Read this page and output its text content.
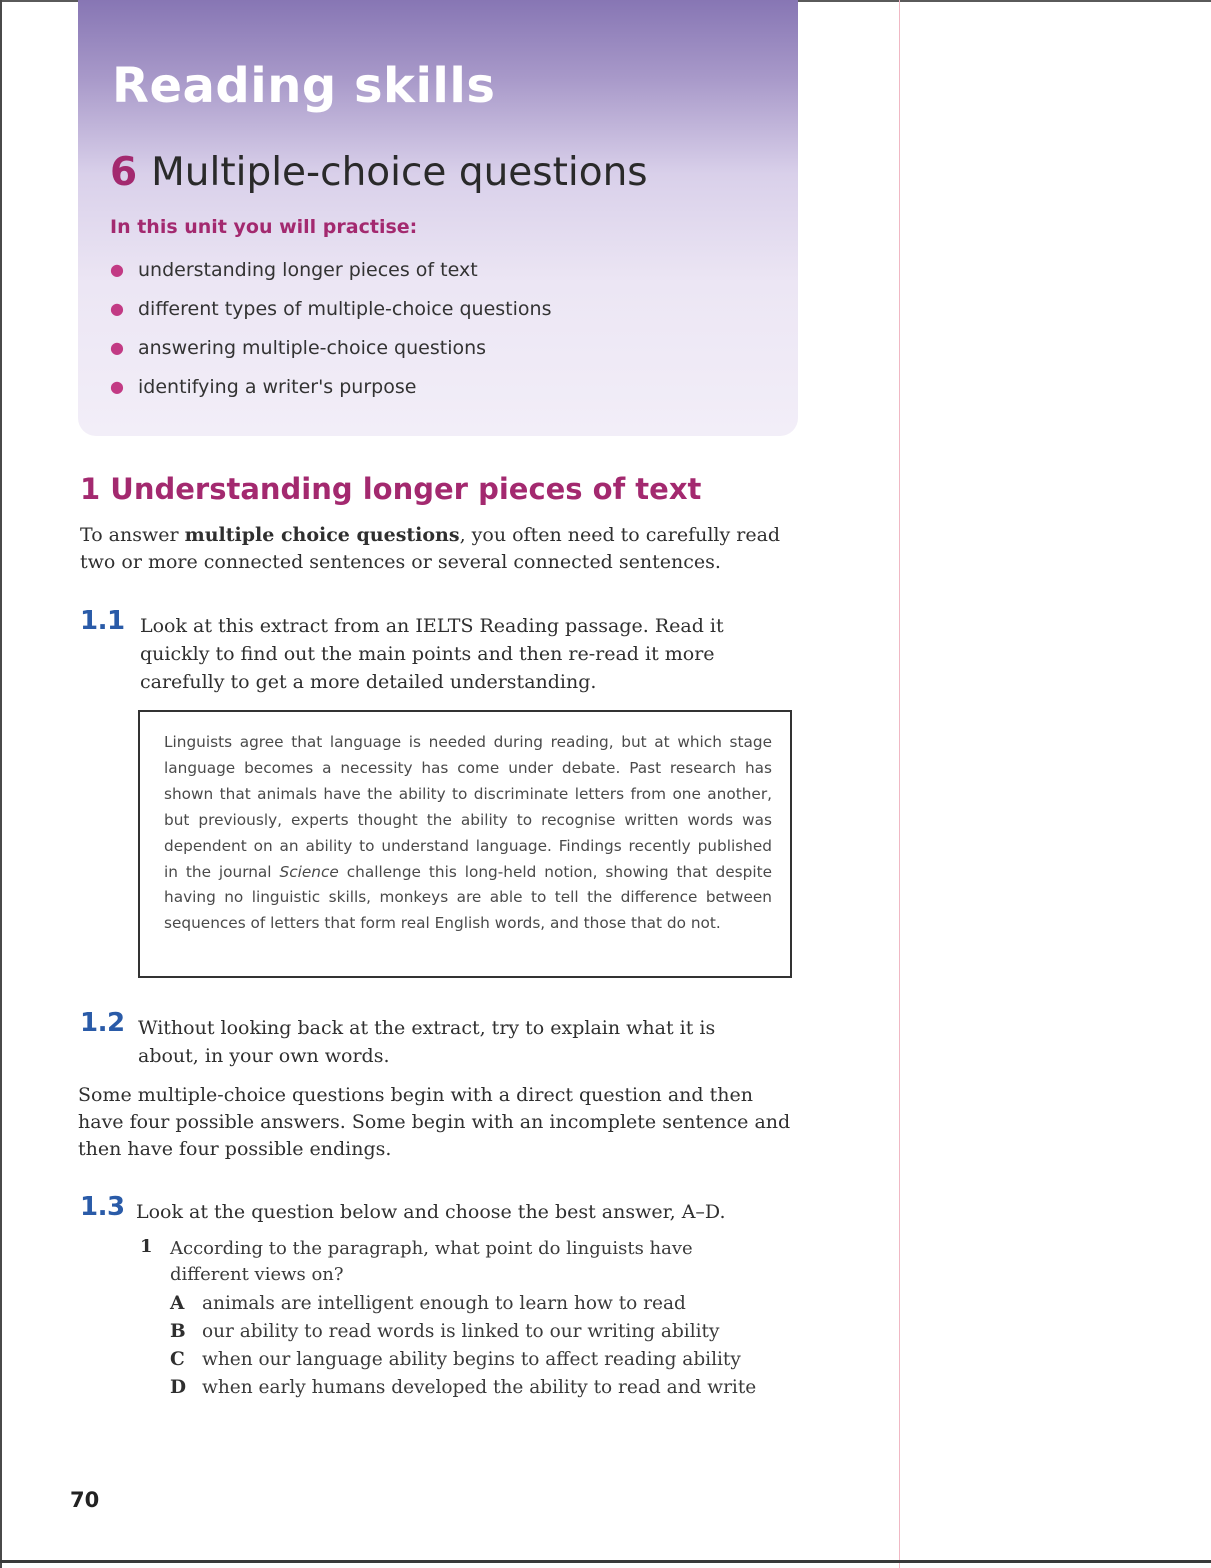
Reading skills
6 Multiple-choice questions
In this unit you will practise:
● understanding longer pieces of text
● different types of multiple-choice questions
● answering multiple-choice questions
● identifying a writer's purpose
1 Understanding longer pieces of text

To answer multiple choice questions, you often need to carefully read two or more connected sentences or several connected sentences.

1.1 Look at this extract from an IELTS Reading passage. Read it quickly to find out the main points and then re-read it more carefully to get a more detailed understanding.

Linguists agree that language is needed during reading, but at which stage language becomes a necessity has come under debate. Past research has shown that animals have the ability to discriminate letters from one another, but previously, experts thought the ability to recognise written words was dependent on an ability to understand language. Findings recently published in the journal Science challenge this long-held notion, showing that despite having no linguistic skills, monkeys are able to tell the difference between sequences of letters that form real English words, and those that do not.

1.2 Without looking back at the extract, try to explain what it is about, in your own words.

Some multiple-choice questions begin with a direct question and then have four possible answers. Some begin with an incomplete sentence and then have four possible endings.

1.3 Look at the question below and choose the best answer, A–D.

1 According to the paragraph, what point do linguists have different views on?

A animals are intelligent enough to learn how to read
B our ability to read words is linked to our writing ability
C when our language ability begins to affect reading ability
D when early humans developed the ability to read and write
70
